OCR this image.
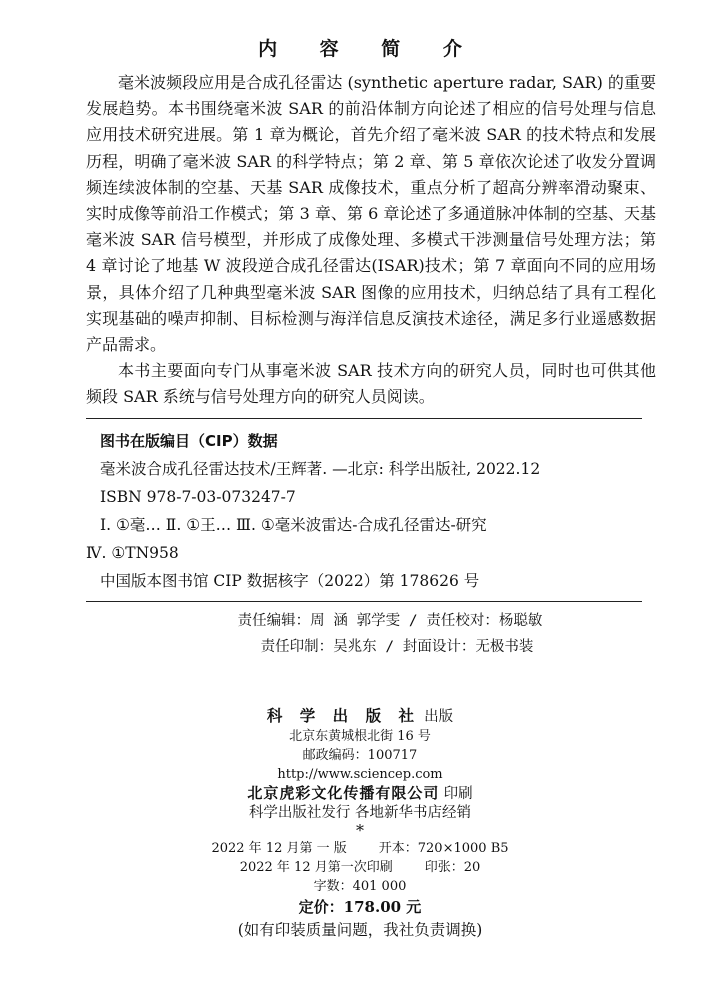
内 容 简 介

毫米波频段应用是合成孔径雷达 (synthetic aperture radar, SAR) 的重要发展趋势。本书围绕毫米波 SAR 的前沿体制方向论述了相应的信号处理与信息应用技术研究进展。第 1 章为概论，首先介绍了毫米波 SAR 的技术特点和发展历程，明确了毫米波 SAR 的科学特点；第 2 章、第 5 章依次论述了收发分置调频连续波体制的空基、天基 SAR 成像技术，重点分析了超高分辨率滑动聚束、实时成像等前沿工作模式；第 3 章、第 6 章论述了多通道脉冲体制的空基、天基毫米波 SAR 信号模型，并形成了成像处理、多模式干涉测量信号处理方法；第 4 章讨论了地基 W 波段逆合成孔径雷达(ISAR)技术；第 7 章面向不同的应用场景，具体介绍了几种典型毫米波 SAR 图像的应用技术，归纳总结了具有工程化实现基础的噪声抑制、目标检测与海洋信息反演技术途径，满足多行业遥感数据产品需求。

本书主要面向专门从事毫米波 SAR 技术方向的研究人员，同时也可供其他频段 SAR 系统与信号处理方向的研究人员阅读。

图书在版编目（CIP）数据
毫米波合成孔径雷达技术/王辉著. —北京: 科学出版社, 2022.12
ISBN 978-7-03-073247-7
Ⅰ. ①毫… Ⅱ. ①王… Ⅲ. ①毫米波雷达-合成孔径雷达-研究
Ⅳ. ①TN958
中国版本图书馆 CIP 数据核字（2022）第 178626 号
责任编辑：周 涵 郭学雯 / 责任校对：杨聪敏
责任印制：吴兆东 / 封面设计：无极书装
科 学 出 版 社 出版
北京东黄城根北街 16 号
邮政编码：100717
http://www.sciencep.com
北京虎彩文化传播有限公司 印刷
科学出版社发行 各地新华书店经销
*
2022 年 12 月第 一 版 开本：720×1000 B5
2022 年 12 月第一次印刷 印张：20
字数：401 000
定价：178.00 元
(如有印装质量问题，我社负责调换)
